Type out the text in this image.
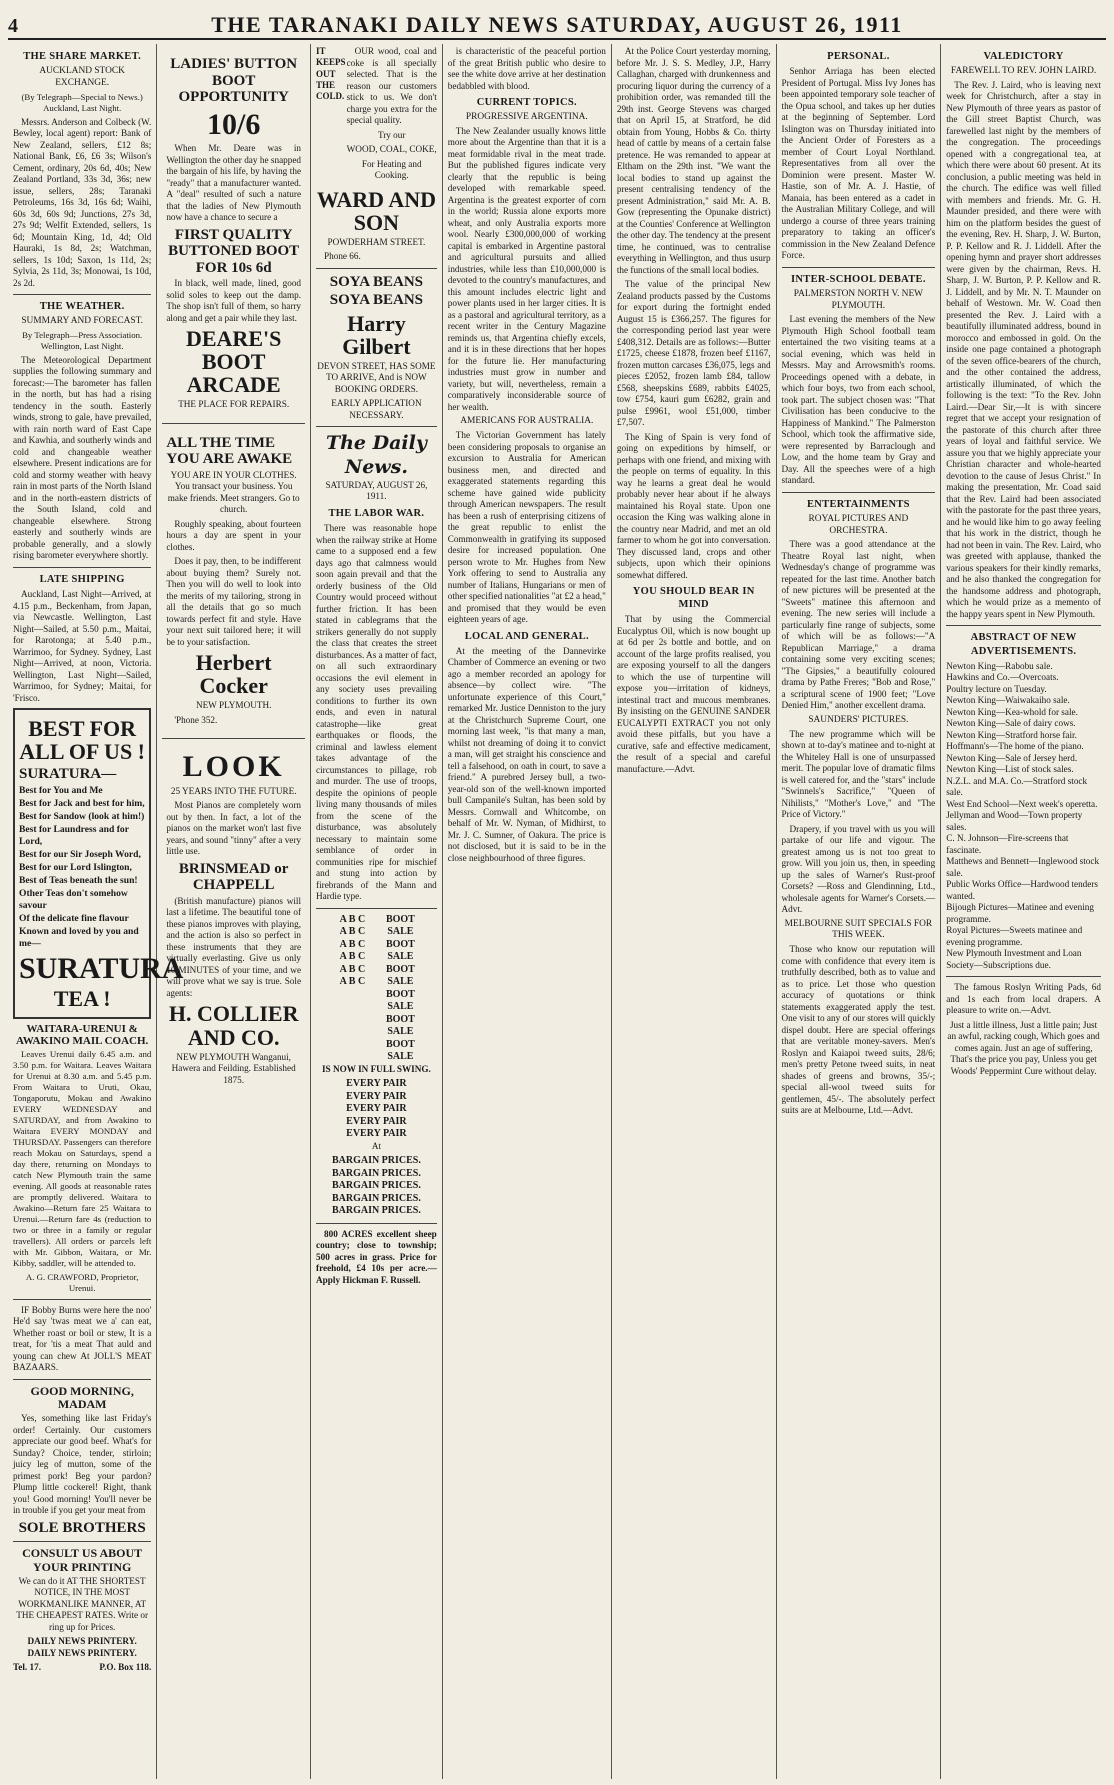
4	THE TARANAKI DAILY NEWS SATURDAY, AUGUST 26, 1911
THE SHARE MARKET.
AUCKLAND STOCK EXCHANGE.

(By Telegraph—Special to News.) Auckland, Last Night.

Messrs. Anderson and Colbeck (W. Bewley, local agent) report: Bank of New Zealand, sellers, £12 8s; National Bank, £6, £6 3s; Wilson's Cement, ordinary, 20s 6d, 40s; New Zealand Portland, 33s 3d, 36s; new issue, sellers, 28s; Taranaki Petroleums, 16s 3d, 16s 6d; Waihi, 60s 3d, 60s 9d; Junctions, 27s 3d, 27s 9d; Welfit Extended, sellers, 1s 6d; Mountain King, 1d, 4d; Old Hauraki, 1s 8d, 2s; Watchman, sellers, 1s 10d; Saxon, 1s 11d, 2s; Sylvia, 2s 11d, 3s; Monowai, 1s 10d, 2s 2d.

THE WEATHER.
SUMMARY AND FORECAST.

By Telegraph—Press Association. Wellington, Last Night.

The Meteorological Department supplies the following summary and forecast:—The barometer has fallen in the north, but has had a rising tendency in the south. Easterly winds, strong to gale, have prevailed, with rain north ward of East Cape and Kawhia, and southerly winds and cold and changeable weather elsewhere. Present indications are for cold and stormy weather with heavy rain in most parts of the North Island and in the north-eastern districts of the South Island, cold and changeable elsewhere. Strong easterly and southerly winds are probable generally, and a slowly rising barometer everywhere shortly.

LATE SHIPPING

Auckland, Last Night—Arrived, at 4.15 p.m., Beckenham, from Japan, via Newcastle. Wellington, Last Night—Sailed, at 5.50 p.m., Maitai, for Rarotonga; at 5.40 p.m., Warrimoo, for Sydney. Sydney, Last Night—Arrived, at noon, Victoria. Wellington, Last Night—Sailed, Warrimoo, for Sydney; Maitai, for 'Frisco.

BEST FOR ALL OF US !
SURATURA—
Best for You and Me
Best for Jack and best for him,
Best for Sandow (look at him!)
Best for Laundress and for Lord,
Best for our Sir Joseph Word,
Best for our Lord Islington,
Best of Teas beneath the sun!
Other Teas don't somehow savour
Of the delicate fine flavour
Known and loved by you and me—
SURATURA
TEA !
WAITARA-URENUI & AWAKINO MAIL COACH.

Leaves Urenui daily 6.45 a.m. and 3.50 p.m. for Waitara. Leaves Waitara for Urenui at 8.30 a.m. and 5.45 p.m. From Waitara to Uruti, Okau, Tongaporutu, Mokau and Awakino EVERY WEDNESDAY and SATURDAY, and from Awakino to Waitara EVERY MONDAY and THURSDAY. Passengers can therefore reach Mokau on Saturdays, spend a day there, returning on Mondays to catch New Plymouth train the same evening. All goods at reasonable rates are promptly delivered. Waitara to Awakino—Return fare 25 Waitara to Urenui.—Return fare 4s (reduction to two or three in a family or regular travellers). All orders or parcels left with Mr. Gibbon, Waitara, or Mr. Kibby, saddler, will be attended to.

A. G. CRAWFORD, Proprietor, Urenui.

IF Bobby Burns were here the noo' He'd say 'twas meat we a' can eat, Whether roast or boil or stew, It is a treat, for 'tis a meat That auld and young can chew At JOLL'S MEAT BAZAARS.

GOOD MORNING, MADAM

Yes, something like last Friday's order! Certainly. Our customers appreciate our good beef. What's for Sunday? Choice, tender, stirloin; juicy leg of mutton, some of the primest pork! Beg your pardon? Plump little cockerel! Right, thank you! Good morning! You'll never be in trouble if you get your meat from

SOLE BROTHERS
CONSULT US ABOUT YOUR PRINTING

We can do it AT THE SHORTEST NOTICE, IN THE MOST WORKMANLIKE MANNER, AT THE CHEAPEST RATES. Write or ring up for Prices.

DAILY NEWS PRINTERY. DAILY NEWS PRINTERY.

Tel. 17.	P.O. Box 118.
LADIES' BUTTON BOOT OPPORTUNITY
10/6

When Mr. Deare was in Wellington the other day he snapped the bargain of his life, by having the "ready" that a manufacturer wanted. A "deal" resulted of such a nature that the ladies of New Plymouth now have a chance to secure a

FIRST QUALITY BUTTONED BOOT FOR 10s 6d

In black, well made, lined, good solid soles to keep out the damp. The shop isn't full of them, so harry along and get a pair while they last.

DEARE'S BOOT ARCADE

THE PLACE FOR REPAIRS.

ALL THE TIME YOU ARE AWAKE

YOU ARE IN YOUR CLOTHES. You transact your business. You make friends. Meet strangers. Go to church.

Roughly speaking, about fourteen hours a day are spent in your clothes.

Does it pay, then, to be indifferent about buying them? Surely not. Then you will do well to look into the merits of my tailoring, strong in all the details that go so much towards perfect fit and style. Have your next suit tailored here; it will be to your satisfaction.

Herbert Cocker

NEW PLYMOUTH.

'Phone 352.

LOOK

25 YEARS INTO THE FUTURE.

Most Pianos are completely worn out by then. In fact, a lot of the pianos on the market won't last five years, and sound "tinny" after a very little use.

BRINSMEAD or CHAPPELL

(British manufacture) pianos will last a lifetime. The beautiful tone of these pianos improves with playing, and the action is also so perfect in these instruments that they are virtually everlasting. Give us only 10 MINUTES of your time, and we will prove what we say is true. Sole agents:

H. COLLIER AND CO.

NEW PLYMOUTH Wanganui, Hawera and Feilding. Established 1875.

IT KEEPS OUT THE COLD.

OUR wood, coal and coke is all specially selected. That is the reason our customers stick to us. We don't charge you extra for the special quality.

Try our

WOOD, COAL, COKE,

For Heating and Cooking.

WARD AND SON

POWDERHAM STREET.

Phone 66.

SOYA BEANS
SOYA BEANS
Harry Gilbert

DEVON STREET, HAS SOME TO ARRIVE, And is NOW BOOKING ORDERS.

EARLY APPLICATION NECESSARY.

The Daily News.

SATURDAY, AUGUST 26, 1911.

THE LABOR WAR.

There was reasonable hope when the railway strike at Home came to a supposed end a few days ago that calmness would soon again prevail and that the orderly business of the Old Country would proceed without further friction. It has been stated in cablegrams that the strikers generally do not supply the class that creates the street disturbances. As a matter of fact, on all such extraordinary occasions the evil element in any society uses prevailing conditions to further its own ends, and even in natural catastrophe—like great earthquakes or floods, the criminal and lawless element takes advantage of the circumstances to pillage, rob and murder. The use of troops, despite the opinions of people living many thousands of miles from the scene of the disturbance, was absolutely necessary to maintain some semblance of order in communities ripe for mischief and stung into action by firebrands of the Mann and Hardie type.

A B C
A B C
A B C
A B C
A B C
A B C
BOOT SALE
BOOT SALE
BOOT SALE
BOOT SALE
BOOT SALE
BOOT SALE

IS NOW IN FULL SWING.

EVERY PAIR
EVERY PAIR
EVERY PAIR
EVERY PAIR
EVERY PAIR

At

BARGAIN PRICES.
BARGAIN PRICES.
BARGAIN PRICES.
BARGAIN PRICES.
BARGAIN PRICES.

800 ACRES excellent sheep country; close to township; 500 acres in grass. Price for freehold, £4 10s per acre.—Apply Hickman F. Russell.

is characteristic of the peaceful portion of the great British public who desire to see the white dove arrive at her destination bedabbled with blood.

CURRENT TOPICS.
PROGRESSIVE ARGENTINA.

The New Zealander usually knows little more about the Argentine than that it is a meat formidable rival in the meat trade. But the published figures indicate very clearly that the republic is being developed with remarkable speed. Argentina is the greatest exporter of corn in the world; Russia alone exports more wheat, and only Australia exports more wool. Nearly £300,000,000 of working capital is embarked in Argentine pastoral and agricultural pursuits and allied industries, while less than £10,000,000 is devoted to the country's manufactures, and this amount includes electric light and power plants used in her larger cities. It is as a pastoral and agricultural territory, as a recent writer in the Century Magazine reminds us, that Argentina chiefly excels, and it is in these directions that her hopes for the future lie. Her manufacturing industries must grow in number and variety, but will, nevertheless, remain a comparatively inconsiderable source of her wealth.

AMERICANS FOR AUSTRALIA.

The Victorian Government has lately been considering proposals to organise an excursion to Australia for American business men, and directed and exaggerated statements regarding this scheme have gained wide publicity through American newspapers. The result has been a rush of enterprising citizens of the great republic to enlist the Commonwealth in gratifying its supposed desire for increased population. One person wrote to Mr. Hughes from New York offering to send to Australia any number of Italians, Hungarians or men of other specified nationalities "at £2 a head," and promised that they would be even eighteen years of age.

LOCAL AND GENERAL.

At the meeting of the Dannevirke Chamber of Commerce an evening or two ago a member recorded an apology for absence—by collect wire. "The unfortunate experience of this Court," remarked Mr. Justice Denniston to the jury at the Christchurch Supreme Court, one morning last week, "is that many a man, whilst not dreaming of doing it to convict a man, will get straight his conscience and tell a falsehood, on oath in court, to save a friend." A purebred Jersey bull, a two-year-old son of the well-known imported bull Campanile's Sultan, has been sold by Messrs. Cornwall and Whitcombe, on behalf of Mr. W. Nyman, of Midhirst, to Mr. J. C. Sumner, of Oakura. The price is not disclosed, but it is said to be in the close neighbourhood of three figures.

At the Police Court yesterday morning, before Mr. J. S. S. Medley, J.P., Harry Callaghan, charged with drunkenness and procuring liquor during the currency of a prohibition order, was remanded till the 29th inst. George Stevens was charged that on April 15, at Stratford, he did obtain from Young, Hobbs & Co. thirty head of cattle by means of a certain false pretence. He was remanded to appear at Eltham on the 29th inst. "We want the local bodies to stand up against the present centralising tendency of the present Administration," said Mr. A. B. Gow (representing the Opunake district) at the Counties' Conference at Wellington the other day. The tendency at the present time, he continued, was to centralise everything in Wellington, and thus usurp the functions of the small local bodies.

The value of the principal New Zealand products passed by the Customs for export during the fortnight ended August 15 is £366,257. The figures for the corresponding period last year were £408,312. Details are as follows:—Butter £1725, cheese £1878, frozen beef £1167, frozen mutton carcases £36,075, legs and pieces £2052, frozen lamb £84, tallow £568, sheepskins £689, rabbits £4025, tow £754, kauri gum £6282, grain and pulse £9961, wool £51,000, timber £7,507.

The King of Spain is very fond of going on expeditions by himself, or perhaps with one friend, and mixing with the people on terms of equality. In this way he learns a great deal he would probably never hear about if he always maintained his Royal state. Upon one occasion the King was walking alone in the country near Madrid, and met an old farmer to whom he got into conversation. They discussed land, crops and other subjects, upon which their opinions somewhat differed.

YOU SHOULD BEAR IN MIND

That by using the Commercial Eucalyptus Oil, which is now bought up at 6d per 2s bottle and bottle, and on account of the large profits realised, you are exposing yourself to all the dangers to which the use of turpentine will expose you—irritation of kidneys, intestinal tract and mucous membranes. By insisting on the GENUINE SANDER EUCALYPTI EXTRACT you not only avoid these pitfalls, but you have a curative, safe and effective medicament, the result of a special and careful manufacture.—Advt.

PERSONAL.

Senhor Arriaga has been elected President of Portugal. Miss Ivy Jones has been appointed temporary sole teacher of the Opua school, and takes up her duties at the beginning of September. Lord Islington was on Thursday initiated into the Ancient Order of Foresters as a member of Court Loyal Northland. Representatives from all over the Dominion were present. Master W. Hastie, son of Mr. A. J. Hastie, of Manaia, has been entered as a cadet in the Australian Military College, and will undergo a course of three years training preparatory to taking an officer's commission in the New Zealand Defence Force.

INTER-SCHOOL DEBATE.
PALMERSTON NORTH V. NEW PLYMOUTH.

Last evening the members of the New Plymouth High School football team entertained the two visiting teams at a social evening, which was held in Messrs. May and Arrowsmith's rooms. Proceedings opened with a debate, in which four boys, two from each school, took part. The subject chosen was: "That Civilisation has been conducive to the Happiness of Mankind." The Palmerston School, which took the affirmative side, were represented by Barraclough and Low, and the home team by Gray and Day. All the speeches were of a high standard.

ENTERTAINMENTS
ROYAL PICTURES AND ORCHESTRA.

There was a good attendance at the Theatre Royal last night, when Wednesday's change of programme was repeated for the last time. Another batch of new pictures will be presented at the "Sweets" matinee this afternoon and evening. The new series will include a particularly fine range of subjects, some of which will be as follows:—"A Republican Marriage," a drama containing some very exciting scenes; "The Gipsies," a beautifully coloured drama by Pathe Freres; "Bob and Rose," a scriptural scene of 1900 feet; "Love Denied Him," another excellent drama.

SAUNDERS' PICTURES.

The new programme which will be shown at to-day's matinee and to-night at the Whiteley Hall is one of unsurpassed merit. The popular love of dramatic films is well catered for, and the "stars" include "Swinnels's Sacrifice," "Queen of Nihilists," "Mother's Love," and "The Price of Victory."

Drapery, if you travel with us you will partake of our life and vigour. The greatest among us is not too great to grow. Will you join us, then, in speeding up the sales of Warner's Rust-proof Corsets? —Ross and Glendinning, Ltd., wholesale agents for Warner's Corsets.—Advt.

MELBOURNE SUIT SPECIALS FOR THIS WEEK.

Those who know our reputation will come with confidence that every item is truthfully described, both as to value and as to price. Let those who question accuracy of quotations or think statements exaggerated apply the test. One visit to any of our stores will quickly dispel doubt. Here are special offerings that are veritable money-savers. Men's Roslyn and Kaiapoi tweed suits, 28/6; men's pretty Petone tweed suits, in neat shades of greens and browns, 35/-; special all-wool tweed suits for gentlemen, 45/-. The absolutely perfect suits are at Melbourne, Ltd.—Advt.

VALEDICTORY
FAREWELL TO REV. JOHN LAIRD.

The Rev. J. Laird, who is leaving next week for Christchurch, after a stay in New Plymouth of three years as pastor of the Gill street Baptist Church, was farewelled last night by the members of the congregation. The proceedings opened with a congregational tea, at which there were about 60 present. At its conclusion, a public meeting was held in the church. The edifice was well filled with members and friends. Mr. G. H. Maunder presided, and there were with him on the platform besides the guest of the evening, Rev. H. Sharp, J. W. Burton, P. P. Kellow and R. J. Liddell. After the opening hymn and prayer short addresses were given by the chairman, Revs. H. Sharp, J. W. Burton, P. P. Kellow and R. J. Liddell, and by Mr. N. T. Maunder on behalf of Westown. Mr. W. Coad then presented the Rev. J. Laird with a beautifully illuminated address, bound in morocco and embossed in gold. On the inside one page contained a photograph of the seven office-bearers of the church, and the other contained the address, artistically illuminated, of which the following is the text: "To the Rev. John Laird.—Dear Sir,—It is with sincere regret that we accept your resignation of the pastorate of this church after three years of loyal and faithful service. We assure you that we highly appreciate your Christian character and whole-hearted devotion to the cause of Jesus Christ." In making the presentation, Mr. Coad said that the Rev. Laird had been associated with the pastorate for the past three years, and he would like him to go away feeling that his work in the district, though he had not been in vain. The Rev. Laird, who was greeted with applause, thanked the various speakers for their kindly remarks, and he also thanked the congregation for the handsome address and photograph, which he would prize as a memento of the happy years spent in New Plymouth.

ABSTRACT OF NEW ADVERTISEMENTS.
Newton King—Rabobu sale.
Hawkins and Co.—Overcoats.
Poultry lecture on Tuesday.
Newton King—Waiwakaiho sale.
Newton King—Kea-whold for sale.
Newton King—Sale of dairy cows.
Newton King—Stratford horse fair.
Hoffmann's—The home of the piano.
Newton King—Sale of Jersey herd.
Newton King—List of stock sales.
N.Z.L. and M.A. Co.—Stratford stock sale.
West End School—Next week's operetta.
Jellyman and Wood—Town property sales.
C. N. Johnson—Fire-screens that fascinate.
Matthews and Bennett—Inglewood stock sale.
Public Works Office—Hardwood tenders wanted.
Bijough Pictures—Matinee and evening programme.
Royal Pictures—Sweets matinee and evening programme.
New Plymouth Investment and Loan Society—Subscriptions due.

The famous Roslyn Writing Pads, 6d and 1s each from local drapers. A pleasure to write on.—Advt.

Just a little illness, Just a little pain; Just an awful, racking cough, Which goes and comes again. Just an age of suffering, That's the price you pay, Unless you get Woods' Peppermint Cure without delay.
